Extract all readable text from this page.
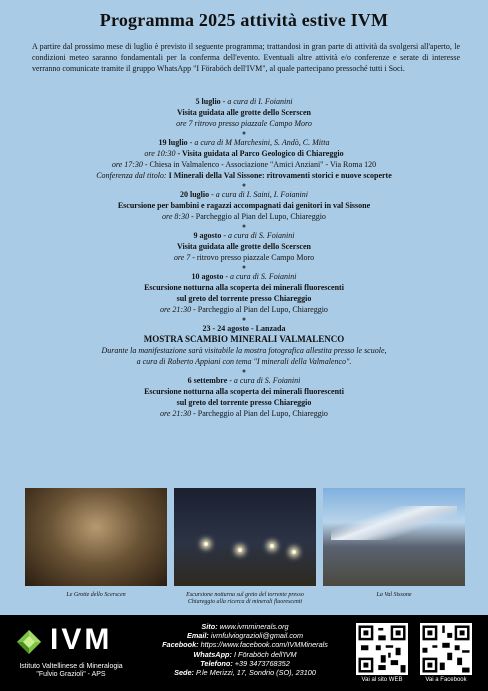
Programma 2025 attività estive IVM
A partire dal prossimo mese di luglio è previsto il seguente programma; trattandosi in gran parte di attività da svolgersi all'aperto, le condizioni meteo saranno fondamentali per la conferma dell'evento. Eventuali altre attività e/o conferenze e serate di interesse verranno comunicate tramite il gruppo WhatsApp "I Föraböch dell'IVM", al quale partecipano pressoché tutti i Soci.

5 luglio - a cura di I. Foianini

Visita guidata alle grotte dello Scerscen

ore 7 ritrovo presso piazzale Campo Moro

●

19 luglio - a cura di M Marchesini, S. Andò, C. Mitta

ore 10:30 - Visita guidata al Parco Geologico di Chiareggio

ore 17:30 - Chiesa in Valmalenco - Associazione "Amici Anziani" - Via Roma 120

Conferenza dal titolo: I Minerali della Val Sissone: ritrovamenti storici e nuove scoperte

●

20 luglio - a cura di I. Saini, I. Foianini

Escursione per bambini e ragazzi accompagnati dai genitori in val Sissone

ore 8:30 - Parcheggio al Pian del Lupo, Chiareggio

●

9 agosto - a cura di S. Foianini

Visita guidata alle grotte dello Scerscen

ore 7 - ritrovo presso piazzale Campo Moro

●

10 agosto - a cura di S. Foianini

Escursione notturna alla scoperta dei minerali fluorescenti

sul greto del torrente presso Chiareggio

ore 21:30 - Parcheggio al Pian del Lupo, Chiareggio

●

23 - 24 agosto - Lanzada

MOSTRA SCAMBIO MINERALI VALMALENCO

Durante la manifestazione sarà visitabile la mostra fotografica allestita presso le scuole,

a cura di Roberto Appiani con tema "I minerali della Valmalenco".

●

6 settembre - a cura di S. Foianini

Escursione notturna alla scoperta dei minerali fluorescenti

sul greto del torrente presso Chiareggio

ore 21:30 - Parcheggio al Pian del Lupo, Chiareggio

Le Grotte dello Scerscen	Escursione notturna sul greto del torrente presso Chiareggio alla ricerca di minerali fluorescenti
La Val Sissone
IVM
Istituto Valtellinese di Mineralogia
"Fulvio Grazioli" - APS
Sito: www.ivmminerals.org
Email: ivmfulviograzioli@gmail.com
Facebook: https://www.facebook.com/IVMMinerals
WhatsApp: I Föraböch dell'IVM
Telefono: +39 3473768352
Sede: P.le Merizzi, 17, Sondrio (SO), 23100
Vai al sito WEB	Vai a Facebook
